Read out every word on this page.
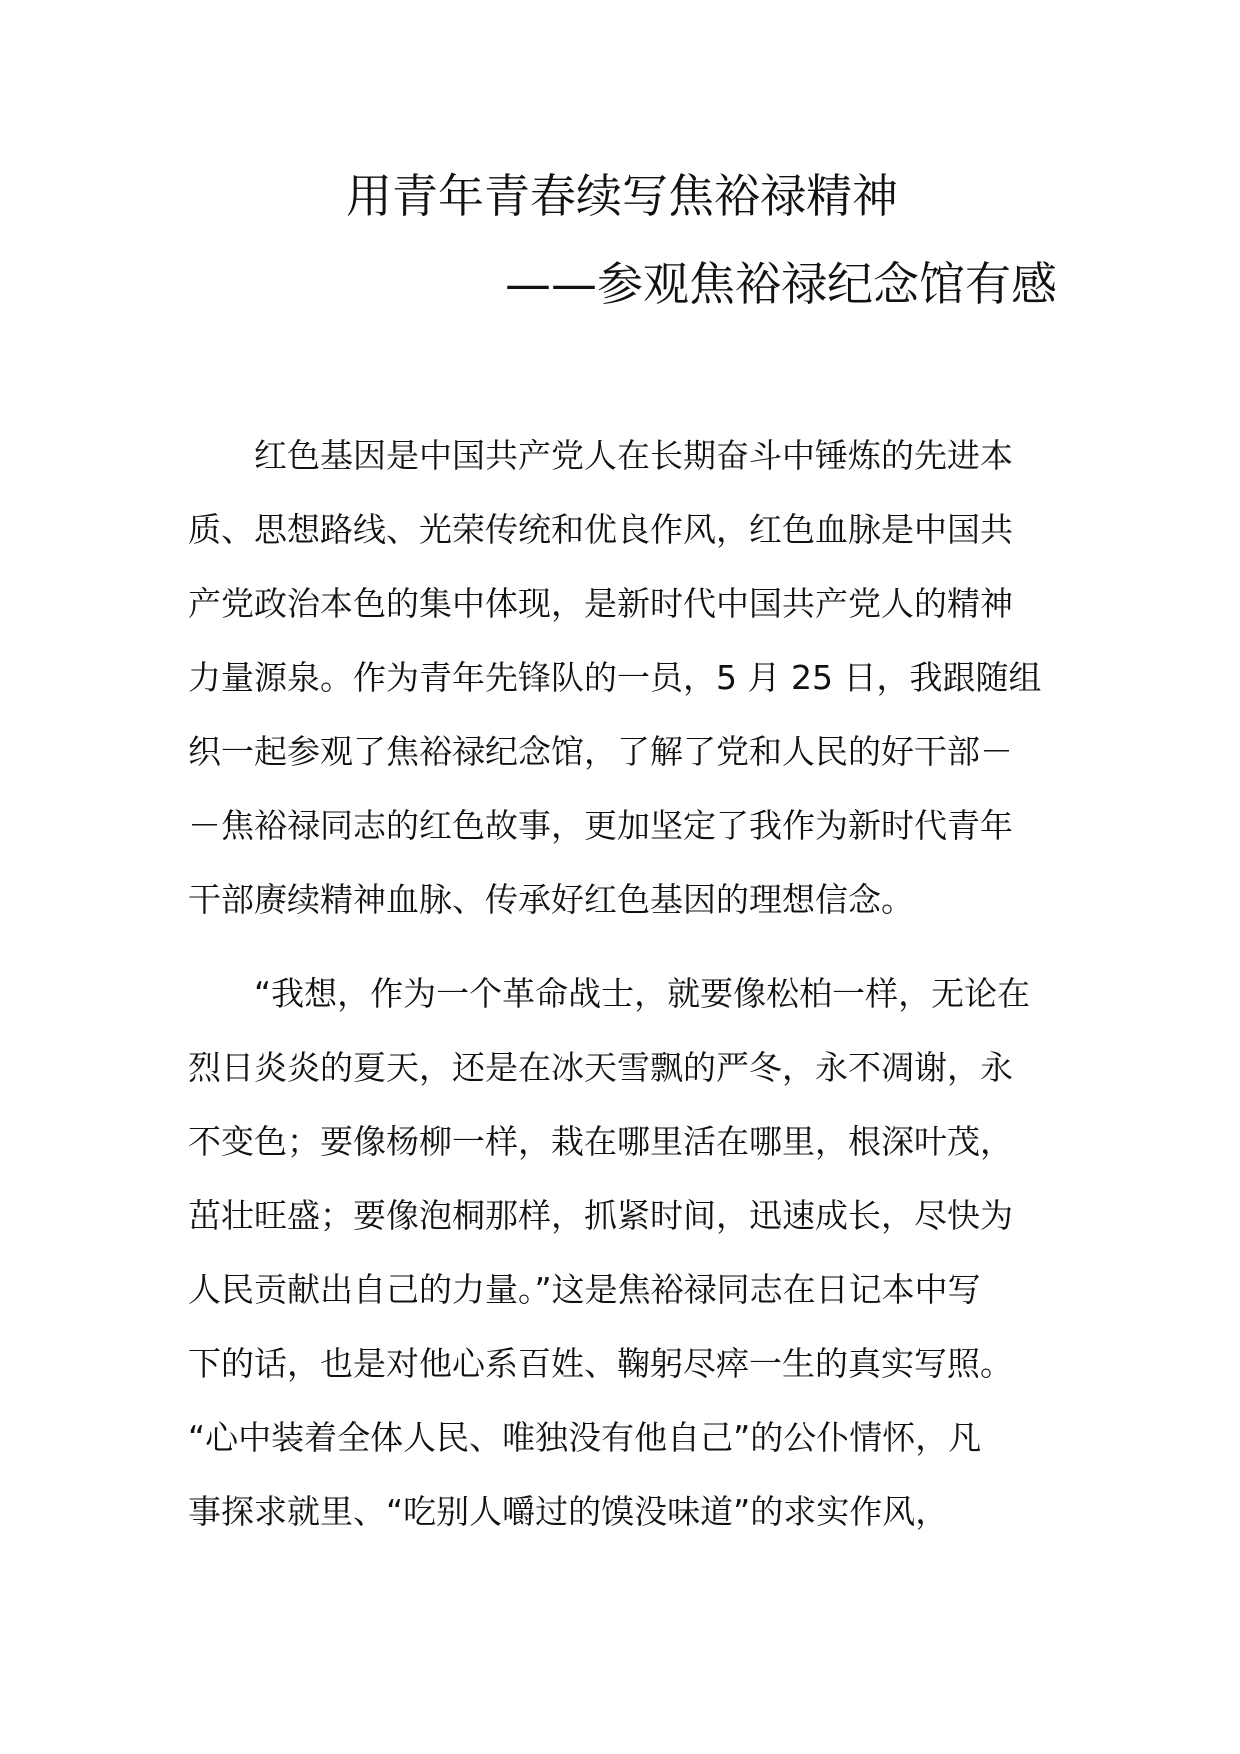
用青年青春续写焦裕禄精神
——参观焦裕禄纪念馆有感
　　红色基因是中国共产党人在长期奋斗中锤炼的先进本
质、思想路线、光荣传统和优良作风，红色血脉是中国共
产党政治本色的集中体现，是新时代中国共产党人的精神
力量源泉。作为青年先锋队的一员，5 月 25 日，我跟随组
织一起参观了焦裕禄纪念馆，了解了党和人民的好干部－
－焦裕禄同志的红色故事，更加坚定了我作为新时代青年
干部赓续精神血脉、传承好红色基因的理想信念。
　　“我想，作为一个革命战士，就要像松柏一样，无论在
烈日炎炎的夏天，还是在冰天雪飘的严冬，永不凋谢，永
不变色；要像杨柳一样，栽在哪里活在哪里，根深叶茂，
茁壮旺盛；要像泡桐那样，抓紧时间，迅速成长，尽快为
人民贡献出自己的力量。”这是焦裕禄同志在日记本中写
下的话，也是对他心系百姓、鞠躬尽瘁一生的真实写照。
“心中装着全体人民、唯独没有他自己”的公仆情怀，凡
事探求就里、“吃别人嚼过的馍没味道”的求实作风，
